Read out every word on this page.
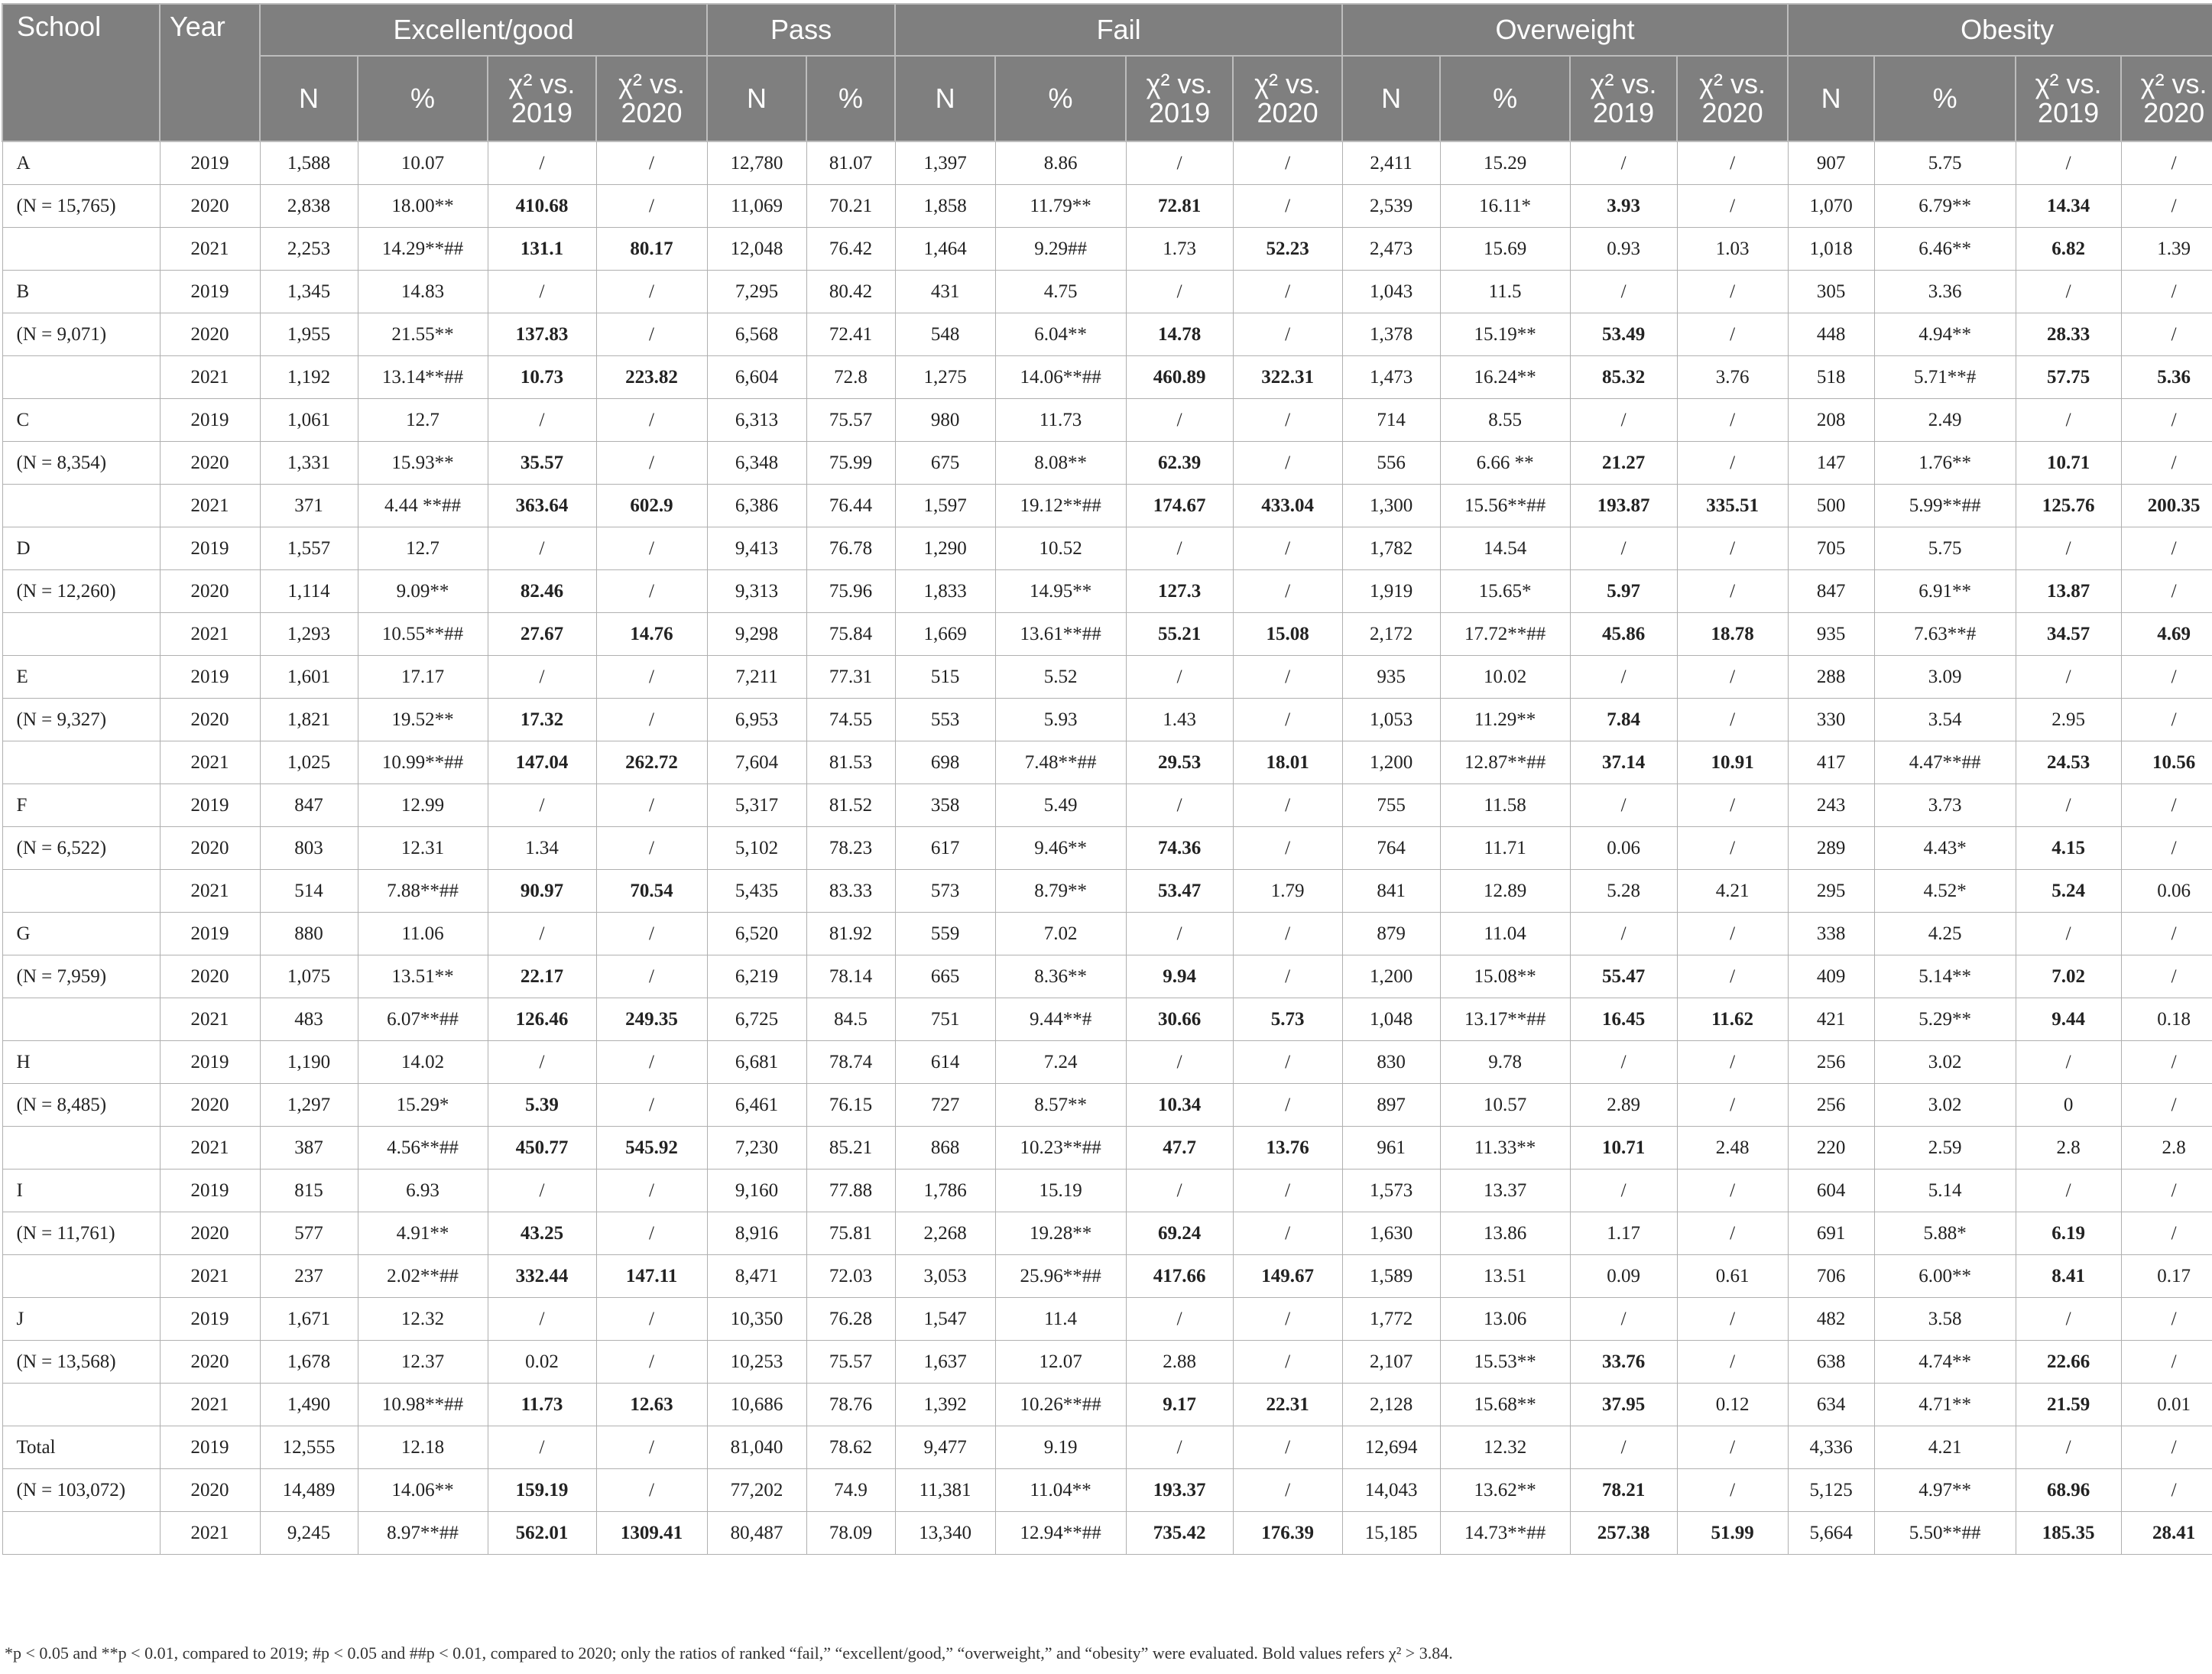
School	Year	Excellent/good				Pass		Fail				Overweight				Obesity			
		N	%	χ² vs. 2019	χ² vs. 2020	N	%	N	%	χ² vs. 2019	χ² vs. 2020	N	%	χ² vs. 2019	χ² vs. 2020	N	%	χ² vs. 2019	χ² vs. 2020
A	2019	1,588	10.07	/	/	12,780	81.07	1,397	8.86	/	/	2,411	15.29	/	/	907	5.75	/	/
(N = 15,765)	2020	2,838	18.00**	410.68	/	11,069	70.21	1,858	11.79**	72.81	/	2,539	16.11*	3.93	/	1,070	6.79**	14.34	/
	2021	2,253	14.29**##	131.1	80.17	12,048	76.42	1,464	9.29##	1.73	52.23	2,473	15.69	0.93	1.03	1,018	6.46**	6.82	1.39
B	2019	1,345	14.83	/	/	7,295	80.42	431	4.75	/	/	1,043	11.5	/	/	305	3.36	/	/
(N = 9,071)	2020	1,955	21.55**	137.83	/	6,568	72.41	548	6.04**	14.78	/	1,378	15.19**	53.49	/	448	4.94**	28.33	/
	2021	1,192	13.14**##	10.73	223.82	6,604	72.8	1,275	14.06**##	460.89	322.31	1,473	16.24**	85.32	3.76	518	5.71**#	57.75	5.36
C	2019	1,061	12.7	/	/	6,313	75.57	980	11.73	/	/	714	8.55	/	/	208	2.49	/	/
(N = 8,354)	2020	1,331	15.93**	35.57	/	6,348	75.99	675	8.08**	62.39	/	556	6.66 **	21.27	/	147	1.76**	10.71	/
	2021	371	4.44 **##	363.64	602.9	6,386	76.44	1,597	19.12**##	174.67	433.04	1,300	15.56**##	193.87	335.51	500	5.99**##	125.76	200.35
D	2019	1,557	12.7	/	/	9,413	76.78	1,290	10.52	/	/	1,782	14.54	/	/	705	5.75	/	/
(N = 12,260)	2020	1,114	9.09**	82.46	/	9,313	75.96	1,833	14.95**	127.3	/	1,919	15.65*	5.97	/	847	6.91**	13.87	/
	2021	1,293	10.55**##	27.67	14.76	9,298	75.84	1,669	13.61**##	55.21	15.08	2,172	17.72**##	45.86	18.78	935	7.63**#	34.57	4.69
E	2019	1,601	17.17	/	/	7,211	77.31	515	5.52	/	/	935	10.02	/	/	288	3.09	/	/
(N = 9,327)	2020	1,821	19.52**	17.32	/	6,953	74.55	553	5.93	1.43	/	1,053	11.29**	7.84	/	330	3.54	2.95	/
	2021	1,025	10.99**##	147.04	262.72	7,604	81.53	698	7.48**##	29.53	18.01	1,200	12.87**##	37.14	10.91	417	4.47**##	24.53	10.56
F	2019	847	12.99	/	/	5,317	81.52	358	5.49	/	/	755	11.58	/	/	243	3.73	/	/
(N = 6,522)	2020	803	12.31	1.34	/	5,102	78.23	617	9.46**	74.36	/	764	11.71	0.06	/	289	4.43*	4.15	/
	2021	514	7.88**##	90.97	70.54	5,435	83.33	573	8.79**	53.47	1.79	841	12.89	5.28	4.21	295	4.52*	5.24	0.06
G	2019	880	11.06	/	/	6,520	81.92	559	7.02	/	/	879	11.04	/	/	338	4.25	/	/
(N = 7,959)	2020	1,075	13.51**	22.17	/	6,219	78.14	665	8.36**	9.94	/	1,200	15.08**	55.47	/	409	5.14**	7.02	/
	2021	483	6.07**##	126.46	249.35	6,725	84.5	751	9.44**#	30.66	5.73	1,048	13.17**##	16.45	11.62	421	5.29**	9.44	0.18
H	2019	1,190	14.02	/	/	6,681	78.74	614	7.24	/	/	830	9.78	/	/	256	3.02	/	/
(N = 8,485)	2020	1,297	15.29*	5.39	/	6,461	76.15	727	8.57**	10.34	/	897	10.57	2.89	/	256	3.02	0	/
	2021	387	4.56**##	450.77	545.92	7,230	85.21	868	10.23**##	47.7	13.76	961	11.33**	10.71	2.48	220	2.59	2.8	2.8
I	2019	815	6.93	/	/	9,160	77.88	1,786	15.19	/	/	1,573	13.37	/	/	604	5.14	/	/
(N = 11,761)	2020	577	4.91**	43.25	/	8,916	75.81	2,268	19.28**	69.24	/	1,630	13.86	1.17	/	691	5.88*	6.19	/
	2021	237	2.02**##	332.44	147.11	8,471	72.03	3,053	25.96**##	417.66	149.67	1,589	13.51	0.09	0.61	706	6.00**	8.41	0.17
J	2019	1,671	12.32	/	/	10,350	76.28	1,547	11.4	/	/	1,772	13.06	/	/	482	3.58	/	/
(N = 13,568)	2020	1,678	12.37	0.02	/	10,253	75.57	1,637	12.07	2.88	/	2,107	15.53**	33.76	/	638	4.74**	22.66	/
	2021	1,490	10.98**##	11.73	12.63	10,686	78.76	1,392	10.26**##	9.17	22.31	2,128	15.68**	37.95	0.12	634	4.71**	21.59	0.01
Total	2019	12,555	12.18	/	/	81,040	78.62	9,477	9.19	/	/	12,694	12.32	/	/	4,336	4.21	/	/
(N = 103,072)	2020	14,489	14.06**	159.19	/	77,202	74.9	11,381	11.04**	193.37	/	14,043	13.62**	78.21	/	5,125	4.97**	68.96	/
	2021	9,245	8.97**##	562.01	1309.41	80,487	78.09	13,340	12.94**##	735.42	176.39	15,185	14.73**##	257.38	51.99	5,664	5.50**##	185.35	28.41
*p < 0.05 and **p < 0.01, compared to 2019; #p < 0.05 and ##p < 0.01, compared to 2020; only the ratios of ranked “fail,” “excellent/good,” “overweight,” and “obesity” were evaluated. Bold values refers χ² > 3.84.
